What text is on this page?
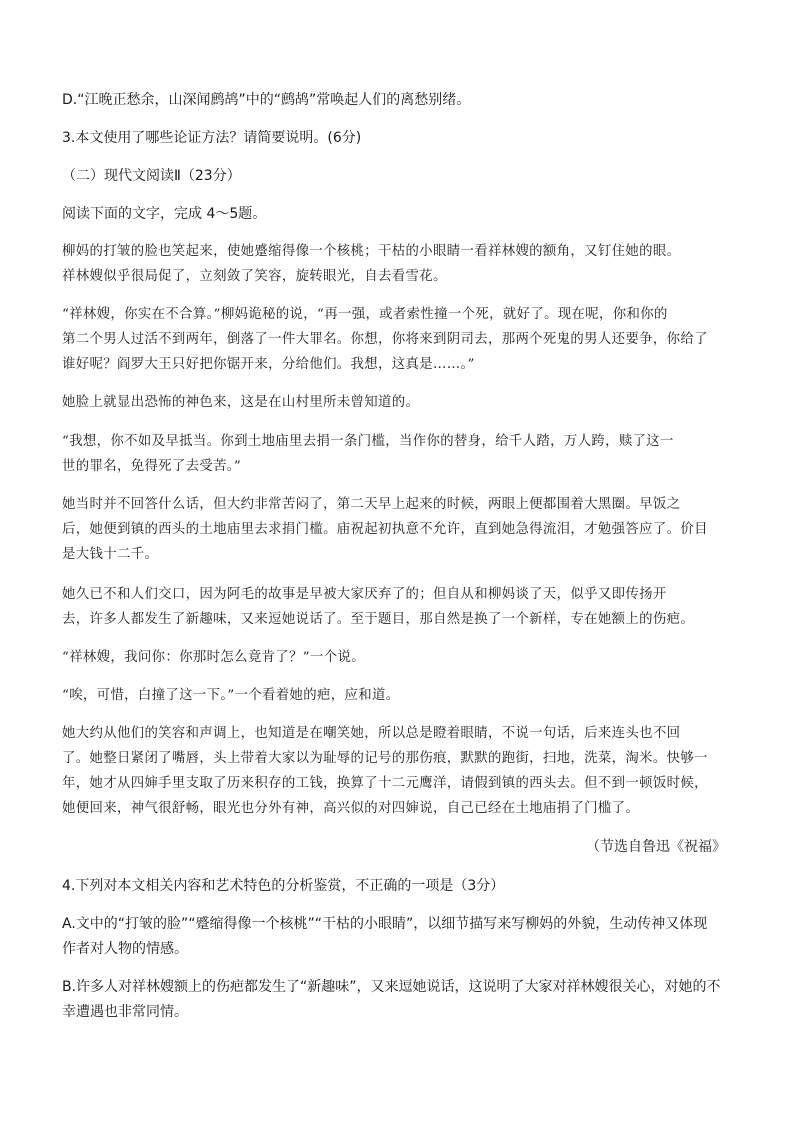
D.“江晚正愁余，山深闻鹧鸪”中的“鹧鸪”常唤起人们的离愁别绪。
3.本文使用了哪些论证方法？请简要说明。(6分)
（二）现代文阅读Ⅱ（23分）
阅读下面的文字，完成 4～5题。
柳妈的打皱的脸也笑起来，使她蹙缩得像一个核桃；干枯的小眼睛一看祥林嫂的额角，又钉住她的眼。
祥林嫂似乎很局促了，立刻敛了笑容，旋转眼光，自去看雪花。
“祥林嫂，你实在不合算。”柳妈诡秘的说，“再一强，或者索性撞一个死，就好了。现在呢，你和你的
第二个男人过活不到两年，倒落了一件大罪名。你想，你将来到阴司去，那两个死鬼的男人还要争，你给了
谁好呢？阎罗大王只好把你锯开来，分给他们。我想，这真是……。”
她脸上就显出恐怖的神色来，这是在山村里所未曾知道的。
“我想，你不如及早抵当。你到土地庙里去捐一条门槛，当作你的替身，给千人踏，万人跨，赎了这一
世的罪名，免得死了去受苦。”
她当时并不回答什么话，但大约非常苦闷了，第二天早上起来的时候，两眼上便都围着大黑圈。早饭之
后，她便到镇的西头的土地庙里去求捐门槛。庙祝起初执意不允许，直到她急得流泪，才勉强答应了。价目
是大钱十二千。
她久已不和人们交口，因为阿毛的故事是早被大家厌弃了的；但自从和柳妈谈了天，似乎又即传扬开
去，许多人都发生了新趣味，又来逗她说话了。至于题目，那自然是换了一个新样，专在她额上的伤疤。
“祥林嫂，我问你：你那时怎么竟肯了？”一个说。
“唉，可惜，白撞了这一下。”一个看着她的疤，应和道。
她大约从他们的笑容和声调上，也知道是在嘲笑她，所以总是瞪着眼睛，不说一句话，后来连头也不回
了。她整日紧闭了嘴唇，头上带着大家以为耻辱的记号的那伤痕，默默的跑街，扫地，洗菜，淘米。快够一
年，她才从四婶手里支取了历来积存的工钱，换算了十二元鹰洋，请假到镇的西头去。但不到一顿饭时候，
她便回来，神气很舒畅，眼光也分外有神，高兴似的对四婶说，自己已经在土地庙捐了门槛了。
（节选自鲁迅《祝福》
4.下列对本文相关内容和艺术特色的分析鉴赏，不正确的一项是（3分）
A.文中的“打皱的脸”“蹙缩得像一个核桃”“干枯的小眼睛”，以细节描写来写柳妈的外貌，生动传神又体现
作者对人物的情感。
B.许多人对祥林嫂额上的伤疤都发生了“新趣味”，又来逗她说话，这说明了大家对祥林嫂很关心，对她的不
幸遭遇也非常同情。
